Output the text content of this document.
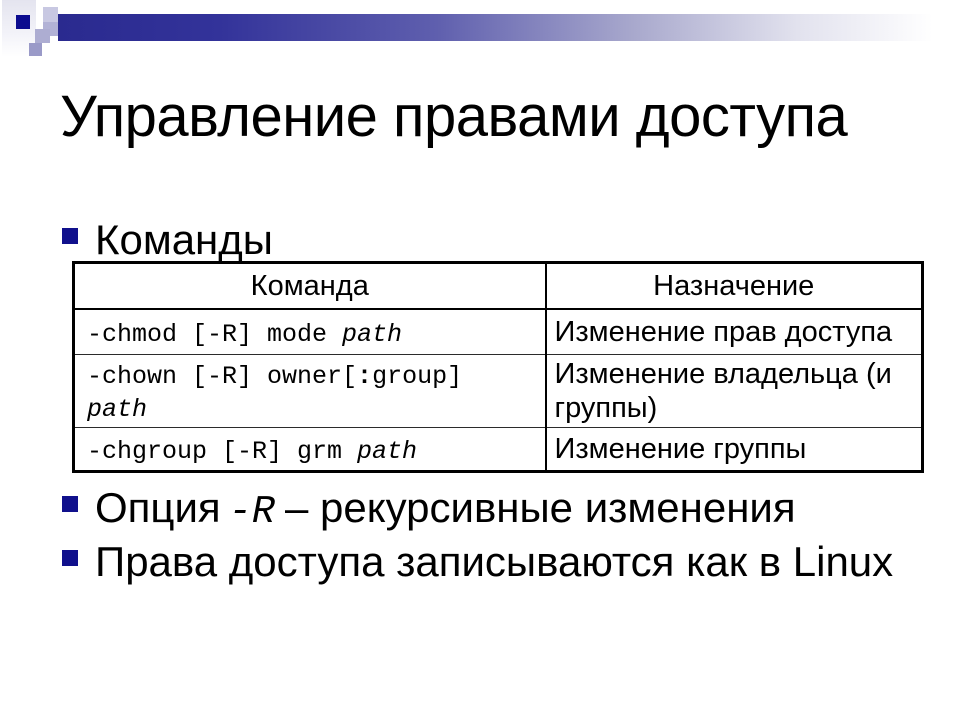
Управление правами доступа
Команды
Команда	Назначение
-chmod [-R] mode path	Изменение прав доступа
-chown [-R] owner[:group] path	Изменение владельца (и группы)
-chgroup [-R] grm path	Изменение группы
Опция -R – рекурсивные изменения
Права доступа записываются как в Linux
